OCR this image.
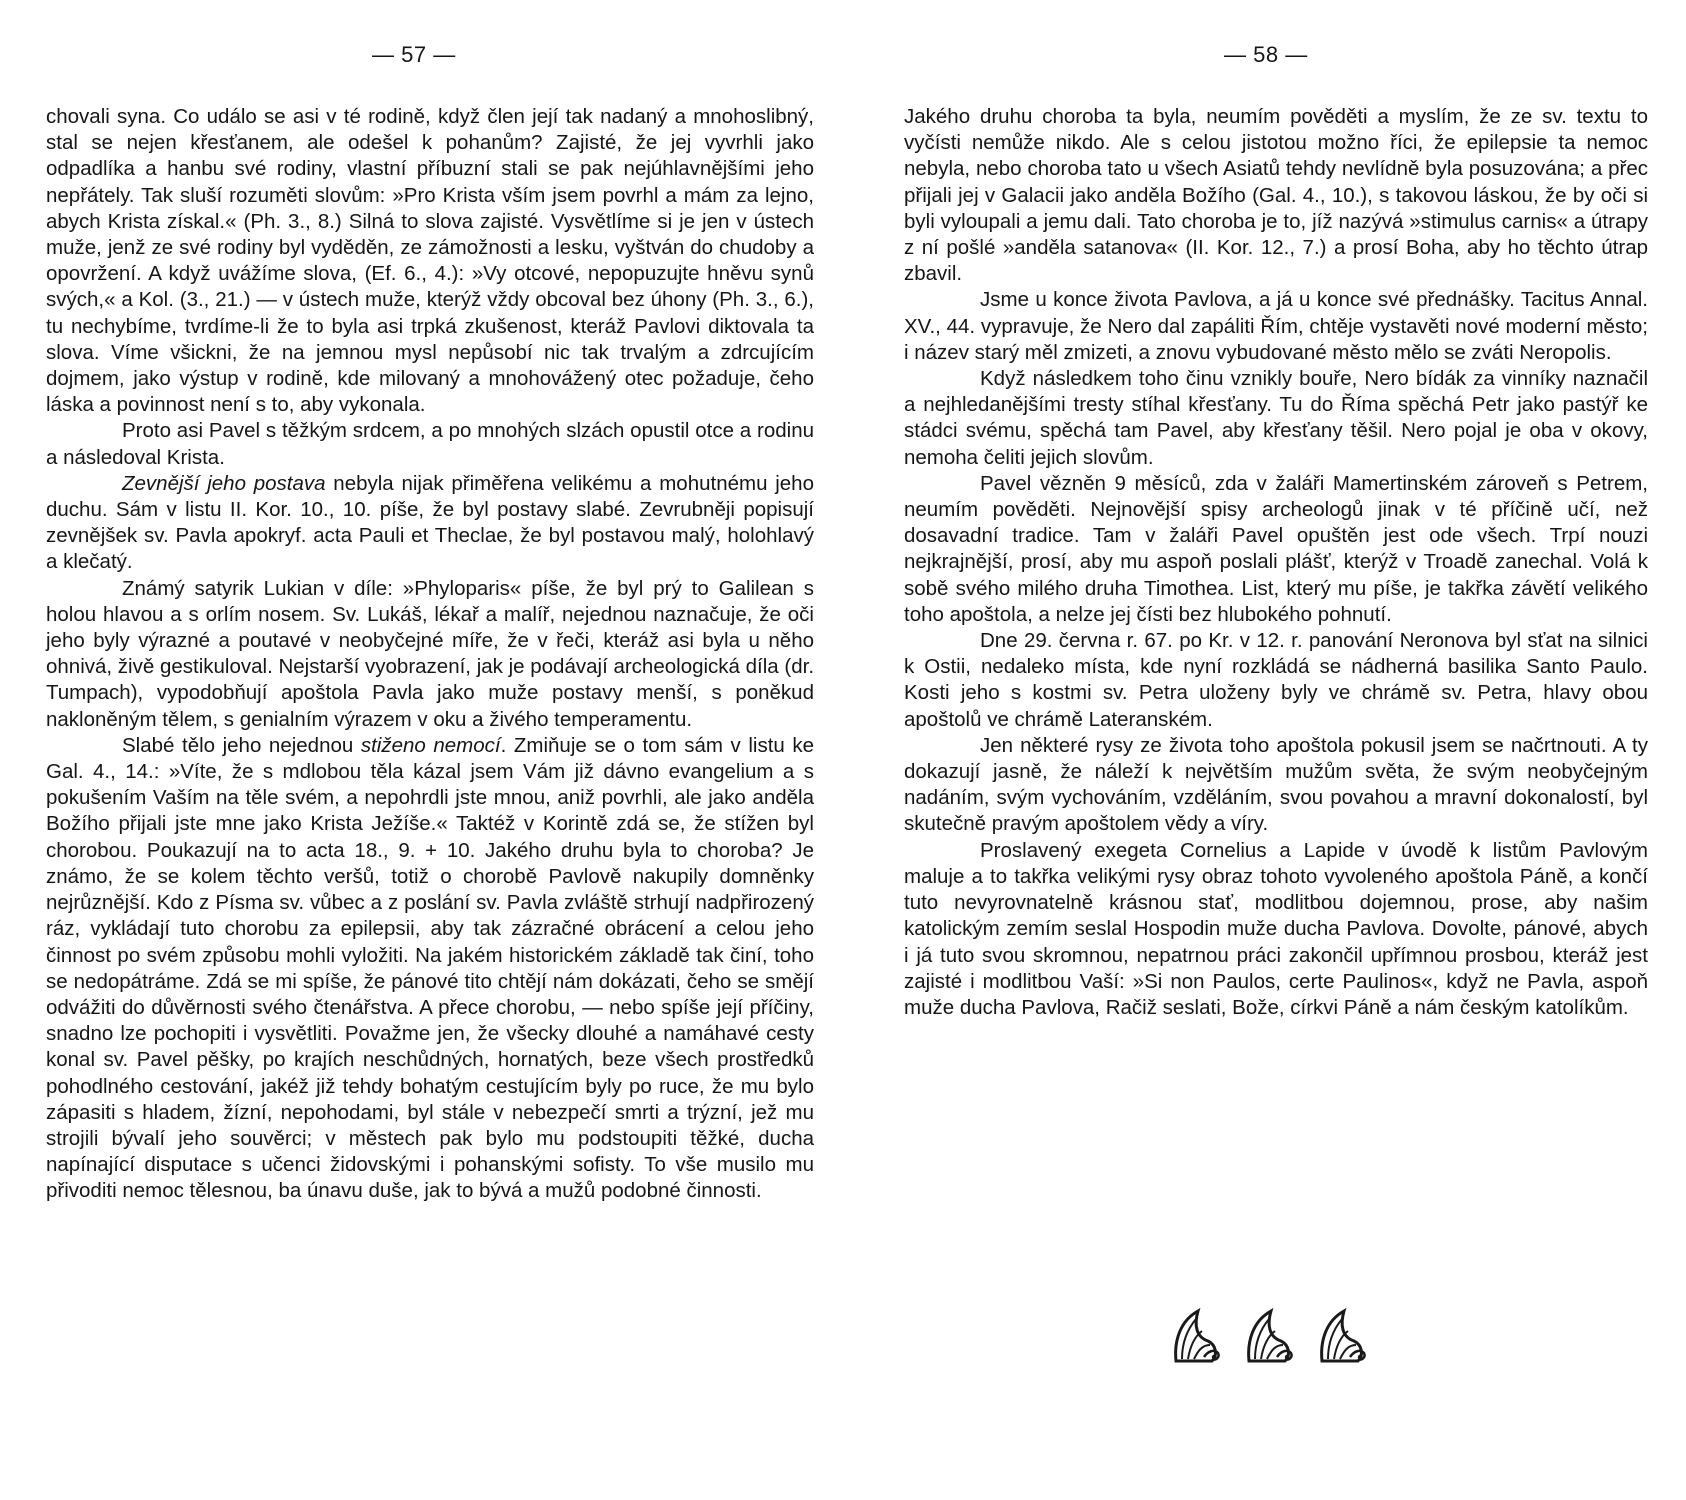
— 57 —

chovali syna. Co událo se asi v té rodině, když člen její tak nadaný a mnohoslibný, stal se nejen křesťanem, ale odešel k pohanům? Zajisté, že jej vyvrhli jako odpadlíka a hanbu své rodiny, vlastní příbuzní stali se pak nejúhlavnějšími jeho nepřátely. Tak sluší rozuměti slovům: »Pro Krista vším jsem povrhl a mám za lejno, abych Krista získal.« (Ph. 3., 8.) Silná to slova zajisté. Vysvětlíme si je jen v ústech muže, jenž ze své rodiny byl vyděděn, ze zámožnosti a lesku, vyštván do chudoby a opovržení. A když uvážíme slova, (Ef. 6., 4.): »Vy otcové, nepopuzujte hněvu synů svých,« a Kol. (3., 21.) — v ústech muže, kterýž vždy obcoval bez úhony (Ph. 3., 6.), tu nechybíme, tvrdíme-li že to byla asi trpká zkušenost, kteráž Pavlovi diktovala ta slova. Víme všickni, že na jemnou mysl nepůsobí nic tak trvalým a zdrcujícím dojmem, jako výstup v rodině, kde milovaný a mnohovážený otec požaduje, čeho láska a povinnost není s to, aby vykonala.

Proto asi Pavel s těžkým srdcem, a po mnohých slzách opustil otce a rodinu a následoval Krista.

Zevnější jeho postava nebyla nijak přiměřena velikému a mohutnému jeho duchu. Sám v listu II. Kor. 10., 10. píše, že byl postavy slabé. Zevrubněji popisují zevnějšek sv. Pavla apokryf. acta Pauli et Theclae, že byl postavou malý, holohlavý a klečatý.

Známý satyrik Lukian v díle: »Phyloparis« píše, že byl prý to Galilean s holou hlavou a s orlím nosem. Sv. Lukáš, lékař a malíř, nejednou naznačuje, že oči jeho byly výrazné a poutavé v neobyčejné míře, že v řeči, kteráž asi byla u něho ohnivá, živě gestikuloval. Nejstarší vyobrazení, jak je podávají archeologická díla (dr. Tumpach), vypodobňují apoštola Pavla jako muže postavy menší, s poněkud nakloněným tělem, s genialním výrazem v oku a živého temperamentu.

Slabé tělo jeho nejednou stiženo nemocí. Zmiňuje se o tom sám v listu ke Gal. 4., 14.: »Víte, že s mdlobou těla kázal jsem Vám již dávno evangelium a s pokušením Vaším na těle svém, a nepohrdli jste mnou, aniž povrhli, ale jako anděla Božího přijali jste mne jako Krista Ježíše.« Taktéž v Korintě zdá se, že stížen byl chorobou. Poukazují na to acta 18., 9. + 10. Jakého druhu byla to choroba? Je známo, že se kolem těchto veršů, totiž o chorobě Pavlově nakupily domněnky nejrůznější. Kdo z Písma sv. vůbec a z poslání sv. Pavla zvláště strhují nadpřirozený ráz, vykládají tuto chorobu za epilepsii, aby tak zázračné obrácení a celou jeho činnost po svém způsobu mohli vyložiti. Na jakém historickém základě tak činí, toho se nedopátráme. Zdá se mi spíše, že pánové tito chtějí nám dokázati, čeho se smějí odvážiti do důvěrnosti svého čtenářstva. A přece chorobu, — nebo spíše její příčiny, snadno lze pochopiti i vysvětliti. Považme jen, že všecky dlouhé a namáhavé cesty konal sv. Pavel pěšky, po krajích neschůdných, hornatých, beze všech prostředků pohodlného cestování, jakéž již tehdy bohatým cestujícím byly po ruce, že mu bylo zápasiti s hladem, žízní, nepohodami, byl stále v nebezpečí smrti a trýzní, jež mu strojili bývalí jeho souvěrci; v městech pak bylo mu podstoupiti těžké, ducha napínající disputace s učenci židovskými i pohanskými sofisty. To vše musilo mu přivoditi nemoc tělesnou, ba únavu duše, jak to bývá a mužů podobné činnosti.

— 58 —

Jakého druhu choroba ta byla, neumím pověděti a myslím, že ze sv. textu to vyčísti nemůže nikdo. Ale s celou jistotou možno říci, že epilepsie ta nemoc nebyla, nebo choroba tato u všech Asiatů tehdy nevlídně byla posuzována; a přec přijali jej v Galacii jako anděla Božího (Gal. 4., 10.), s takovou láskou, že by oči si byli vyloupali a jemu dali. Tato choroba je to, jíž nazývá »stimulus carnis« a útrapy z ní pošlé »anděla satanova« (II. Kor. 12., 7.) a prosí Boha, aby ho těchto útrap zbavil.

Jsme u konce života Pavlova, a já u konce své přednášky. Tacitus Annal. XV., 44. vypravuje, že Nero dal zapáliti Řím, chtěje vystavěti nové moderní město; i název starý měl zmizeti, a znovu vybudované město mělo se zváti Neropolis.

Když následkem toho činu vznikly bouře, Nero bídák za vinníky naznačil a nejhledanějšími tresty stíhal křesťany. Tu do Říma spěchá Petr jako pastýř ke stádci svému, spěchá tam Pavel, aby křesťany těšil. Nero pojal je oba v okovy, nemoha čeliti jejich slovům.

Pavel vězněn 9 měsíců, zda v žaláři Mamertinském zároveň s Petrem, neumím pověděti. Nejnovější spisy archeologů jinak v té příčině učí, než dosavadní tradice. Tam v žaláři Pavel opuštěn jest ode všech. Trpí nouzi nejkrajnější, prosí, aby mu aspoň poslali plášť, kterýž v Troadě zanechal. Volá k sobě svého milého druha Timothea. List, který mu píše, je takřka závětí velikého toho apoštola, a nelze jej čísti bez hlubokého pohnutí.

Dne 29. června r. 67. po Kr. v 12. r. panování Neronova byl sťat na silnici k Ostii, nedaleko místa, kde nyní rozkládá se nádherná basilika Santo Paulo. Kosti jeho s kostmi sv. Petra uloženy byly ve chrámě sv. Petra, hlavy obou apoštolů ve chrámě Lateranském.

Jen některé rysy ze života toho apoštola pokusil jsem se načrtnouti. A ty dokazují jasně, že náleží k největším mužům světa, že svým neobyčejným nadáním, svým vychováním, vzděláním, svou povahou a mravní dokonalostí, byl skutečně pravým apoštolem vědy a víry.

Proslavený exegeta Cornelius a Lapide v úvodě k listům Pavlovým maluje a to takřka velikými rysy obraz tohoto vyvoleného apoštola Páně, a končí tuto nevyrovnatelně krásnou stať, modlitbou dojemnou, prose, aby našim katolickým zemím seslal Hospodin muže ducha Pavlova. Dovolte, pánové, abych i já tuto svou skromnou, nepatrnou práci zakončil upřímnou prosbou, kteráž jest zajisté i modlitbou Vaší: »Si non Paulos, certe Paulinos«, když ne Pavla, aspoň muže ducha Pavlova, Račiž seslati, Bože, církvi Páně a nám českým katolíkům.
